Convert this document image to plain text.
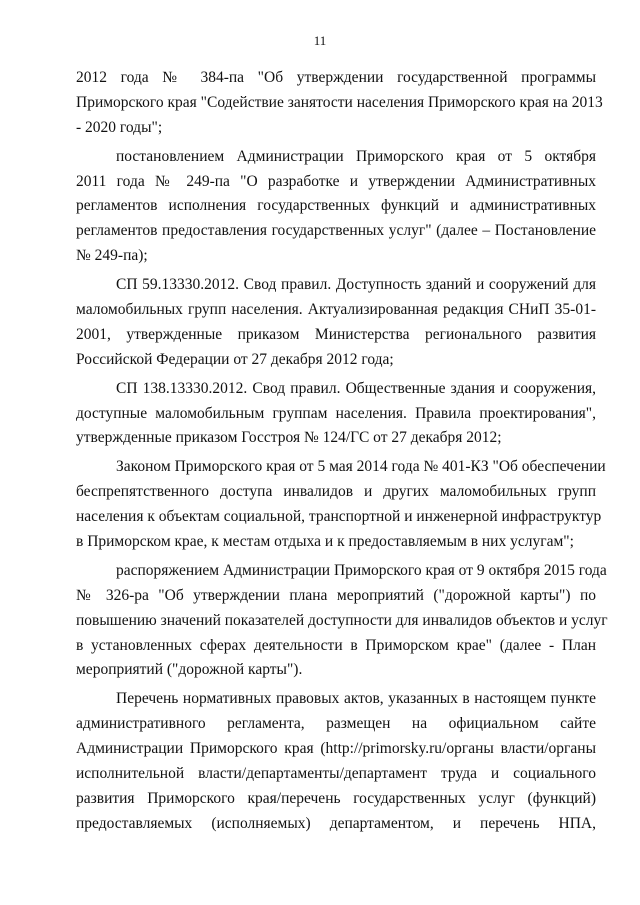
11
2012 года № 384-па "Об утверждении государственной программы
Приморского края "Содействие занятости населения Приморского края на 2013
- 2020 годы";
постановлением Администрации Приморского края от 5 октября
2011 года № 249-па "О разработке и утверждении Административных
регламентов исполнения государственных функций и административных
регламентов предоставления государственных услуг" (далее – Постановление
№ 249-па);
СП 59.13330.2012. Свод правил. Доступность зданий и сооружений для
маломобильных групп населения. Актуализированная редакция СНиП 35-01-
2001, утвержденные приказом Министерства регионального развития
Российской Федерации от 27 декабря 2012 года;
СП 138.13330.2012. Свод правил. Общественные здания и сооружения,
доступные маломобильным группам населения. Правила проектирования",
утвержденные приказом Госстроя № 124/ГС от 27 декабря 2012;
Законом Приморского края от 5 мая 2014 года № 401-КЗ "Об обеспечении
беспрепятственного доступа инвалидов и других маломобильных групп
населения к объектам социальной, транспортной и инженерной инфраструктур
в Приморском крае, к местам отдыха и к предоставляемым в них услугам";
распоряжением Администрации Приморского края от 9 октября 2015 года
№ 326-ра "Об утверждении плана мероприятий ("дорожной карты") по
повышению значений показателей доступности для инвалидов объектов и услуг
в установленных сферах деятельности в Приморском крае" (далее - План
мероприятий ("дорожной карты").
Перечень нормативных правовых актов, указанных в настоящем пункте
административного регламента, размещен на официальном сайте
Администрации Приморского края (http://primorsky.ru/органы власти/органы
исполнительной власти/департаменты/департамент труда и социального
развития Приморского края/перечень государственных услуг (функций)
предоставляемых (исполняемых) департаментом, и перечень НПА,
